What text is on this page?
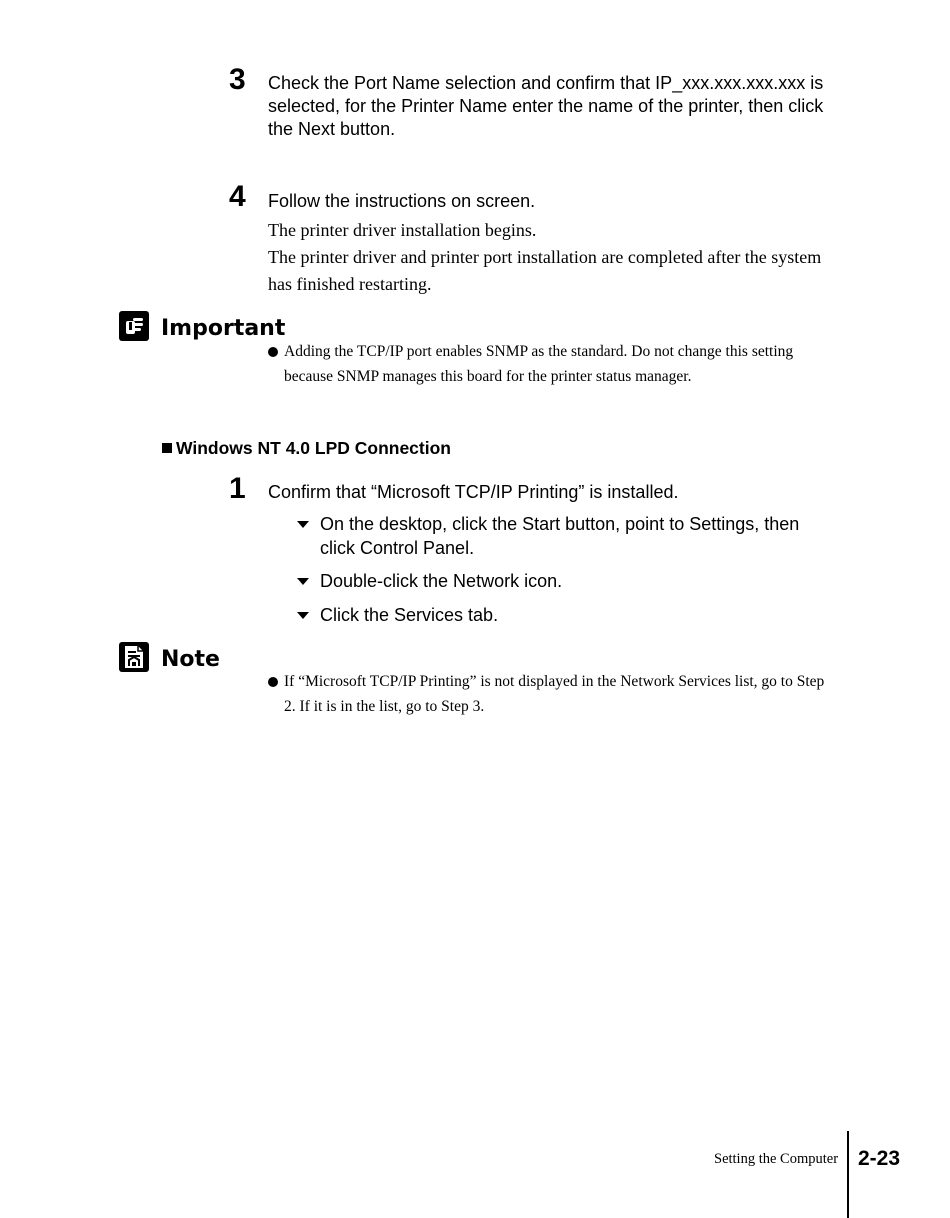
3 Check the Port Name selection and confirm that IP_xxx.xxx.xxx.xxx is selected, for the Printer Name enter the name of the printer, then click the Next button.
4 Follow the instructions on screen.
The printer driver installation begins.
The printer driver and printer port installation are completed after the system has finished restarting.
Important
Adding the TCP/IP port enables SNMP as the standard. Do not change this setting because SNMP manages this board for the printer status manager.
Windows NT 4.0 LPD Connection
1 Confirm that “Microsoft TCP/IP Printing” is installed.
On the desktop, click the Start button, point to Settings, then click Control Panel.
Double-click the Network icon.
Click the Services tab.
Note
If “Microsoft TCP/IP Printing” is not displayed in the Network Services list, go to Step 2. If it is in the list, go to Step 3.
Setting the Computer 2-23
